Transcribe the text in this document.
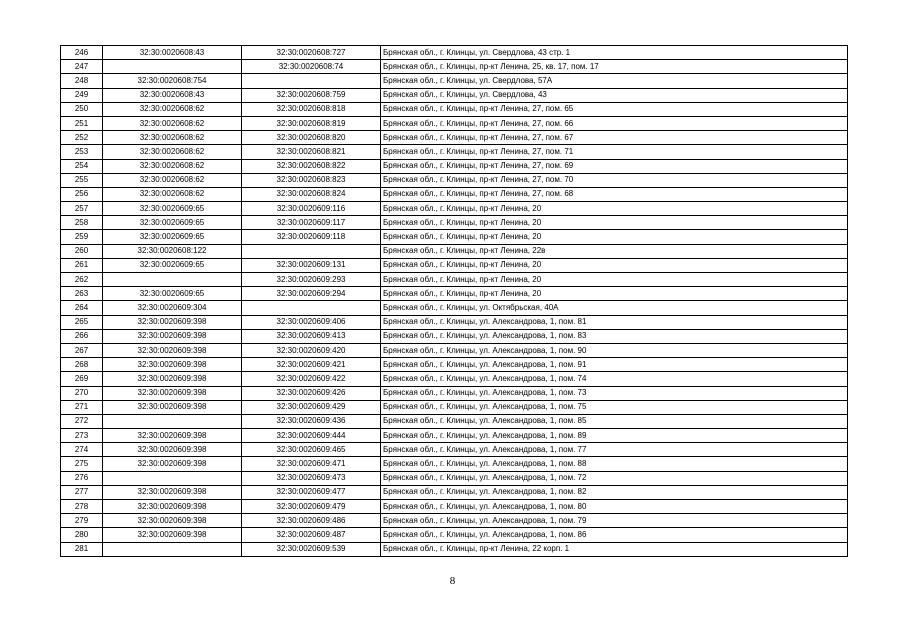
246	32:30:0020608:43	32:30:0020608:727	Брянская обл., г. Клинцы, ул. Свердлова, 43 стр. 1
247		32:30:0020608:74	Брянская обл., г. Клинцы, пр-кт Ленина, 25, кв. 17, пом. 17
248	32:30:0020608:754		Брянская обл., г. Клинцы, ул. Свердлова, 57А
249	32:30:0020608:43	32:30:0020608:759	Брянская обл., г. Клинцы, ул. Свердлова, 43
250	32:30:0020608:62	32:30:0020608:818	Брянская обл., г. Клинцы, пр-кт Ленина, 27, пом. 65
251	32:30:0020608:62	32:30:0020608:819	Брянская обл., г. Клинцы, пр-кт Ленина, 27, пом. 66
252	32:30:0020608:62	32:30:0020608:820	Брянская обл., г. Клинцы, пр-кт Ленина, 27, пом. 67
253	32:30:0020608:62	32:30:0020608:821	Брянская обл., г. Клинцы, пр-кт Ленина, 27, пом. 71
254	32:30:0020608:62	32:30:0020608:822	Брянская обл., г. Клинцы, пр-кт Ленина, 27, пом. 69
255	32:30:0020608:62	32:30:0020608:823	Брянская обл., г. Клинцы, пр-кт Ленина, 27, пом. 70
256	32:30:0020608:62	32:30:0020608:824	Брянская обл., г. Клинцы, пр-кт Ленина, 27, пом. 68
257	32:30:0020609:65	32:30:0020609:116	Брянская обл., г. Клинцы, пр-кт Ленина, 20
258	32:30:0020609:65	32:30:0020609:117	Брянская обл., г. Клинцы, пр-кт Ленина, 20
259	32:30:0020609:65	32:30:0020609:118	Брянская обл., г. Клинцы, пр-кт Ленина, 20
260	32:30:0020608:122		Брянская обл., г. Клинцы, пр-кт Ленина, 22в
261	32:30:0020609:65	32:30:0020609:131	Брянская обл., г. Клинцы, пр-кт Ленина, 20
262		32:30:0020609:293	Брянская обл., г. Клинцы, пр-кт Ленина, 20
263	32:30:0020609:65	32:30:0020609:294	Брянская обл., г. Клинцы, пр-кт Ленина, 20
264	32:30:0020609:304		Брянская обл., г. Клинцы, ул. Октябрьская, 40А
265	32:30:0020609:398	32:30:0020609:406	Брянская обл., г. Клинцы, ул. Александрова, 1, пом. 81
266	32:30:0020609:398	32:30:0020609:413	Брянская обл., г. Клинцы, ул. Александрова, 1, пом. 83
267	32:30:0020609:398	32:30:0020609:420	Брянская обл., г. Клинцы, ул. Александрова, 1, пом. 90
268	32:30:0020609:398	32:30:0020609:421	Брянская обл., г. Клинцы, ул. Александрова, 1, пом. 91
269	32:30:0020609:398	32:30:0020609:422	Брянская обл., г. Клинцы, ул. Александрова, 1, пом. 74
270	32:30:0020609:398	32:30:0020609:426	Брянская обл., г. Клинцы, ул. Александрова, 1, пом. 73
271	32:30:0020609:398	32:30:0020609:429	Брянская обл., г. Клинцы, ул. Александрова, 1, пом. 75
272		32:30:0020609:436	Брянская обл., г. Клинцы, ул. Александрова, 1, пом. 85
273	32:30:0020609:398	32:30:0020609:444	Брянская обл., г. Клинцы, ул. Александрова, 1, пом. 89
274	32:30:0020609:398	32:30:0020609:465	Брянская обл., г. Клинцы, ул. Александрова, 1, пом. 77
275	32:30:0020609:398	32:30:0020609:471	Брянская обл., г. Клинцы, ул. Александрова, 1, пом. 88
276		32:30:0020609:473	Брянская обл., г. Клинцы, ул. Александрова, 1, пом. 72
277	32:30:0020609:398	32:30:0020609:477	Брянская обл., г. Клинцы, ул. Александрова, 1, пом. 82
278	32:30:0020609:398	32:30:0020609:479	Брянская обл., г. Клинцы, ул. Александрова, 1, пом. 80
279	32:30:0020609:398	32:30:0020609:486	Брянская обл., г. Клинцы, ул. Александрова, 1, пом. 79
280	32:30:0020609:398	32:30:0020609:487	Брянская обл., г. Клинцы, ул. Александрова, 1, пом. 86
281		32:30:0020609:539	Брянская обл., г. Клинцы, пр-кт Ленина, 22 корп. 1
8
